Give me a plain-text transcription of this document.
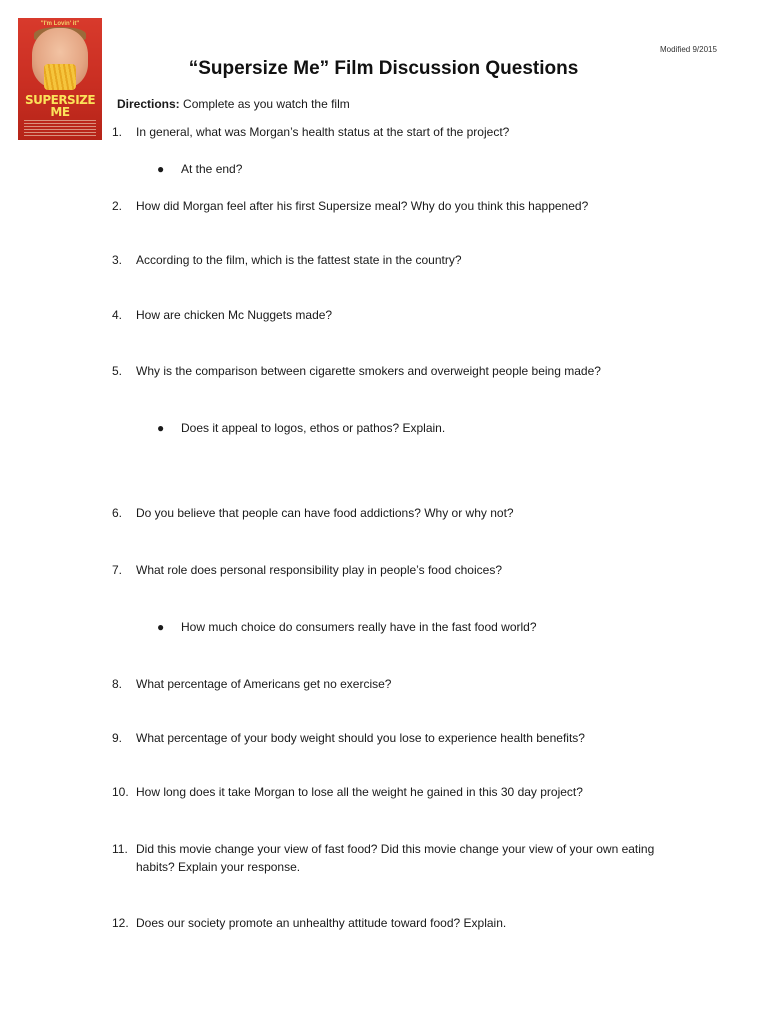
Modified 9/2015
"I'm Lovin' it"
SUPERSIZE
ME
“Supersize Me” Film Discussion Questions
Directions: Complete as you watch the film
1.	In general, what was Morgan’s health status at the start of the project?
● At the end?
2.	How did Morgan feel after his first Supersize meal? Why do you think this happened?
3.	According to the film, which is the fattest state in the country?
4.	How are chicken Mc Nuggets made?
5.	Why is the comparison between cigarette smokers and overweight people being made?
● Does it appeal to logos, ethos or pathos? Explain.
6.	Do you believe that people can have food addictions? Why or why not?
7.	What role does personal responsibility play in people’s food choices?
● How much choice do consumers really have in the fast food world?
8.	What percentage of Americans get no exercise?
9.	What percentage of your body weight should you lose to experience health benefits?
10. How long does it take Morgan to lose all the weight he gained in this 30 day project?
11. Did this movie change your view of fast food? Did this movie change your view of your own eating habits? Explain your response.
12. Does our society promote an unhealthy attitude toward food? Explain.
